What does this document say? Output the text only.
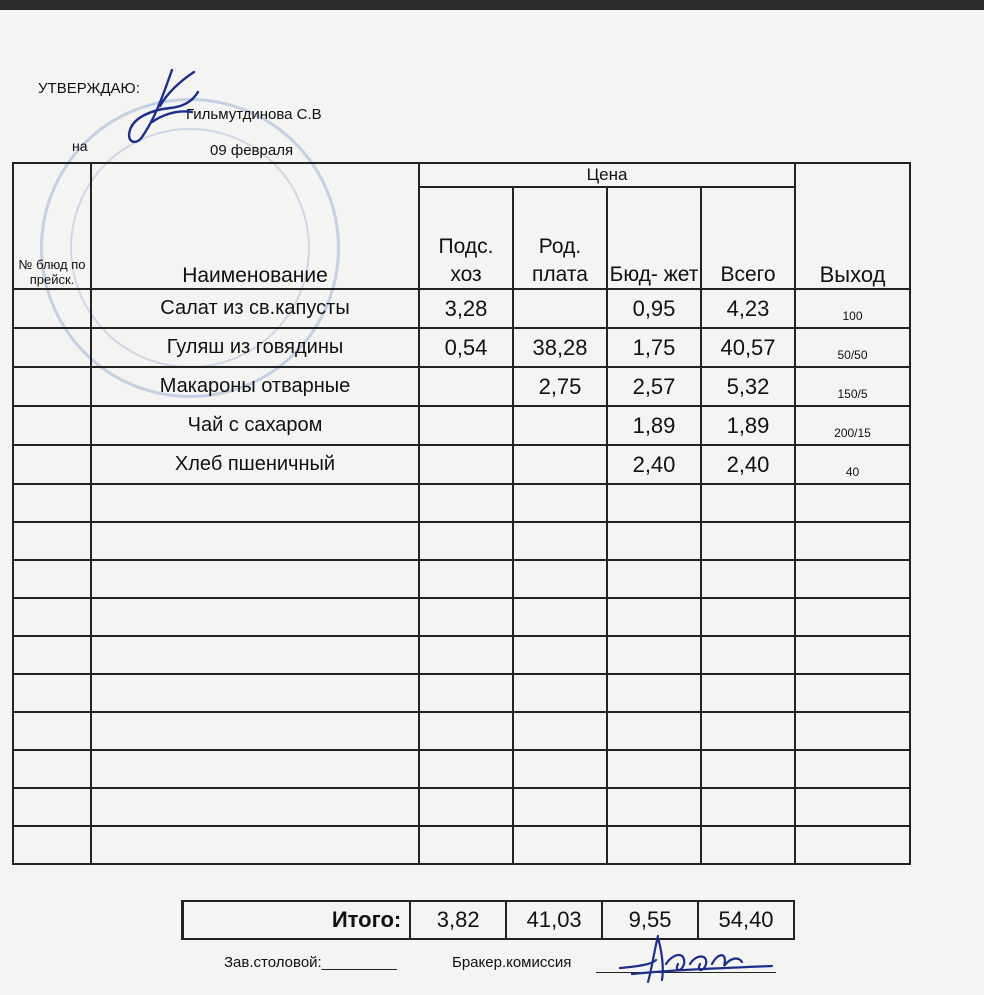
УТВЕРЖДАЮ:
Гильмутдинова С.В
на	09 февраля
№ блюд по прейск.	Наименование	Цена				Выход
		Подс. хоз	Род. плата	Бюд- жет	Всего	
	Салат из св.капусты	3,28		0,95	4,23	100
	Гуляш из говядины	0,54	38,28	1,75	40,57	50/50
	Макароны отварные		2,75	2,57	5,32	150/5
	Чай с сахаром			1,89	1,89	200/15
	Хлеб пшеничный			2,40	2,40	40

Итого:	3,82	41,03	9,55	54,40
Зав.столовой:_________	Бракер.комиссия
